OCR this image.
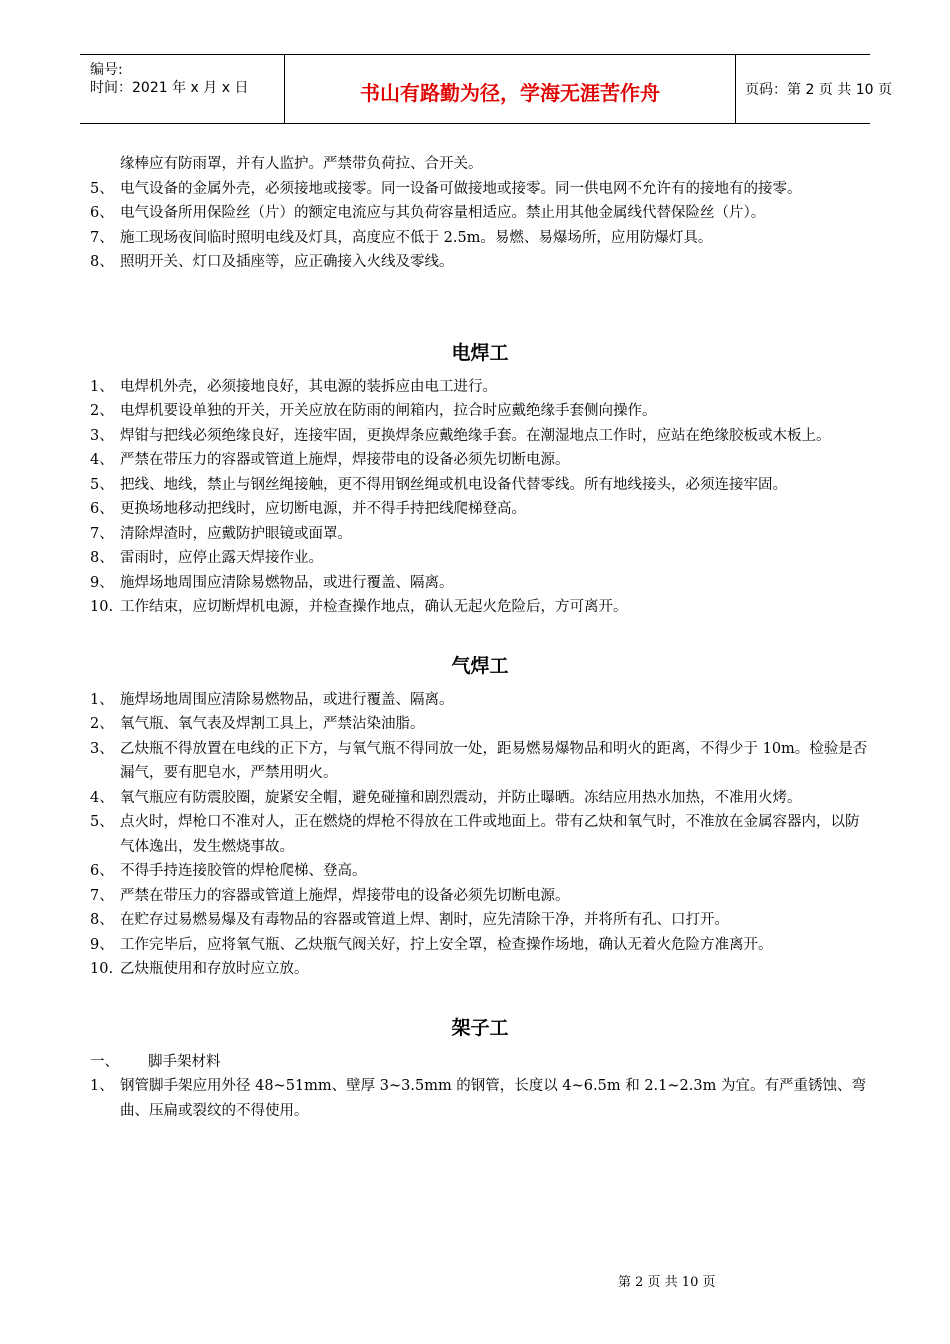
编号:
时间：2021 年 x 月 x 日	书山有路勤为径，学海无涯苦作舟	页码：第 2 页 共 10 页
缘棒应有防雨罩，并有人监护。严禁带负荷拉、合开关。
5、 电气设备的金属外壳，必须接地或接零。同一设备可做接地或接零。同一供电网不允许有的接地有的接零。
6、 电气设备所用保险丝（片）的额定电流应与其负荷容量相适应。禁止用其他金属线代替保险丝（片）。
7、 施工现场夜间临时照明电线及灯具，高度应不低于 2.5m。易燃、易爆场所，应用防爆灯具。
8、 照明开关、灯口及插座等，应正确接入火线及零线。
电焊工
1、 电焊机外壳，必须接地良好，其电源的装拆应由电工进行。
2、 电焊机要设单独的开关，开关应放在防雨的闸箱内，拉合时应戴绝缘手套侧向操作。
3、 焊钳与把线必须绝缘良好，连接牢固，更换焊条应戴绝缘手套。在潮湿地点工作时，应站在绝缘胶板或木板上。
4、 严禁在带压力的容器或管道上施焊，焊接带电的设备必须先切断电源。
5、 把线、地线，禁止与钢丝绳接触，更不得用钢丝绳或机电设备代替零线。所有地线接头，必须连接牢固。
6、 更换场地移动把线时，应切断电源，并不得手持把线爬梯登高。
7、 清除焊渣时，应戴防护眼镜或面罩。
8、 雷雨时，应停止露天焊接作业。
9、 施焊场地周围应清除易燃物品，或进行覆盖、隔离。
10. 工作结束，应切断焊机电源，并检查操作地点，确认无起火危险后，方可离开。
气焊工
1、 施焊场地周围应清除易燃物品，或进行覆盖、隔离。
2、 氧气瓶、氧气表及焊割工具上，严禁沾染油脂。
3、 乙炔瓶不得放置在电线的正下方，与氧气瓶不得同放一处，距易燃易爆物品和明火的距离，不得少于 10m。检验是否漏气，要有肥皂水，严禁用明火。
4、 氧气瓶应有防震胶圈，旋紧安全帽，避免碰撞和剧烈震动，并防止曝晒。冻结应用热水加热，不准用火烤。
5、 点火时，焊枪口不准对人，正在燃烧的焊枪不得放在工件或地面上。带有乙炔和氧气时，不准放在金属容器内，以防气体逸出，发生燃烧事故。
6、 不得手持连接胶管的焊枪爬梯、登高。
7、 严禁在带压力的容器或管道上施焊，焊接带电的设备必须先切断电源。
8、 在贮存过易燃易爆及有毒物品的容器或管道上焊、割时，应先清除干净，并将所有孔、口打开。
9、 工作完毕后，应将氧气瓶、乙炔瓶气阀关好，拧上安全罩，检查操作场地，确认无着火危险方准离开。
10. 乙炔瓶使用和存放时应立放。
架子工
一、 脚手架材料
1、 钢管脚手架应用外径 48~51mm、壁厚 3~3.5mm 的钢管，长度以 4~6.5m 和 2.1~2.3m 为宜。有严重锈蚀、弯曲、压扁或裂纹的不得使用。
第 2 页 共 10 页
